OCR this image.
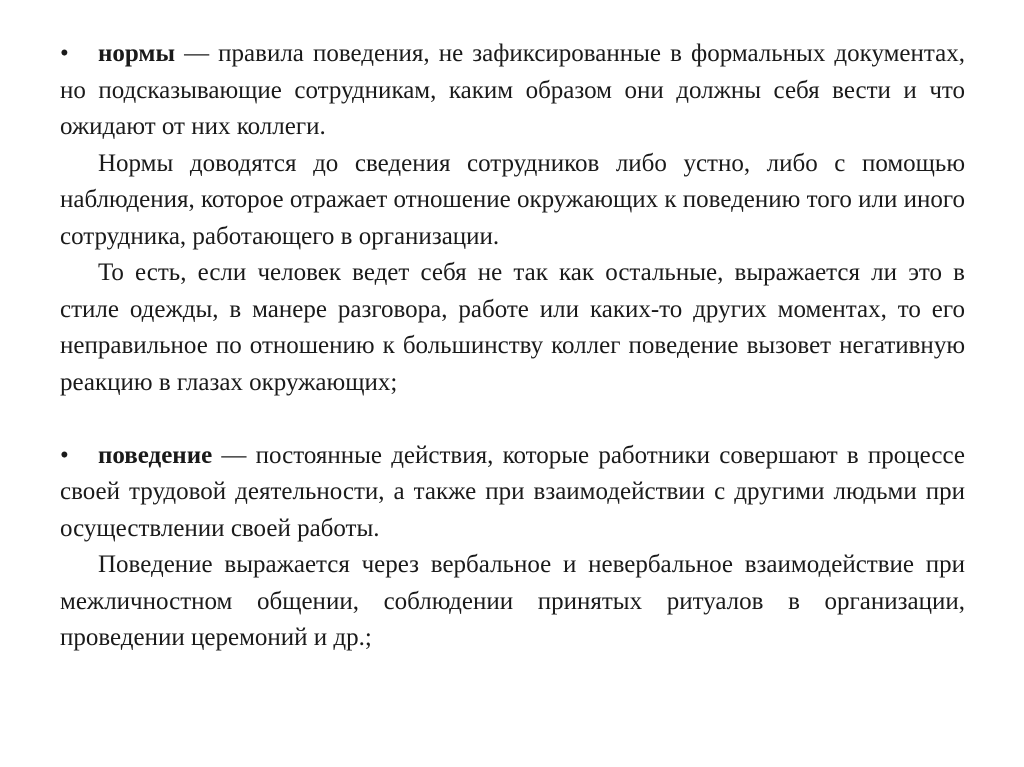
• нормы — правила поведения, не зафиксированные в формальных документах, но подсказывающие сотрудникам, каким образом они должны себя вести и что ожидают от них коллеги.

Нормы доводятся до сведения сотрудников либо устно, либо с помощью наблюдения, которое отражает отношение окружающих к поведению того или иного сотрудника, работающего в организации.

То есть, если человек ведет себя не так как остальные, выражается ли это в стиле одежды, в манере разговора, работе или каких-то других моментах, то его неправильное по отношению к большинству коллег поведение вызовет негативную реакцию в глазах окружающих;

• поведение — постоянные действия, которые работники совершают в процессе своей трудовой деятельности, а также при взаимодействии с другими людьми при осуществлении своей работы.

Поведение выражается через вербальное и невербальное взаимодействие при межличностном общении, соблюдении принятых ритуалов в организации, проведении церемоний и др.;
